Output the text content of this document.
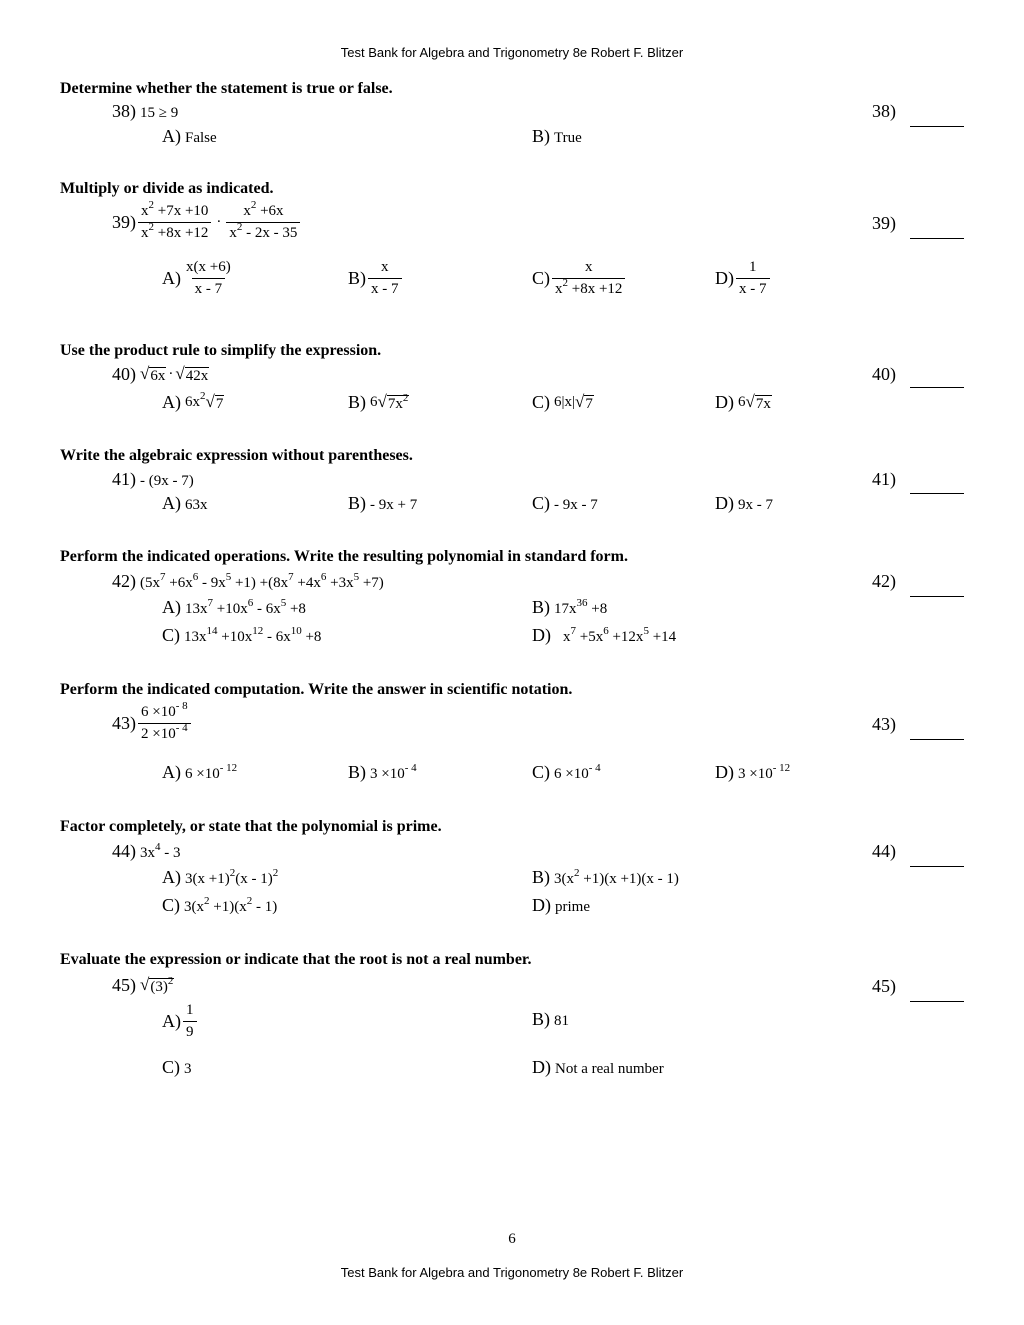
Test Bank for Algebra and Trigonometry 8e Robert F. Blitzer
Determine whether the statement is true or false.
38) 15 ≥ 9	38)
A) False	B) True
Multiply or divide as indicated.
$39) \frac{x^2 +7x +10}{x^2 +8x +12} \cdot \frac{x^2 +6x}{x^2 - 2x - 35}$	39)
$A) \frac{x(x +6)}{x - 7}$	$B) \frac{x}{x - 7}$	$C) \frac{x}{x^2 +8x +12}$	$D) \frac{1}{x - 7}$
Use the product rule to simplify the expression.
40) √ 6x · √ 42x	40)
A) $6x^2$ √ 7	B) 6 √ $7x^2$	C) 6|x| √ 7	D) 6 √ 7x
Write the algebraic expression without parentheses.
41) - (9x - 7)	41)
A) 63x	B) - 9x + 7	C) - 9x - 7	D) 9x - 7
Perform the indicated operations. Write the resulting polynomial in standard form.
42) $(5x^7 +6x^6 - 9x^5 +1) +(8x^7 +4x^6 +3x^5 +7)$	42)
A) $13x^7 +10x^6 - 6x^5 +8$	B) $17x^{36} +8$
C) $13x^{14} +10x^{12} - 6x^{10} +8$	D) $x^7 +5x^6 +12x^5 +14$
Perform the indicated computation. Write the answer in scientific notation.
$43) \frac{6 \times 10^{- 8}}{2 \times 10^{- 4}}$	43)
A) $6 \times 10^{- 12}$	B) $3 \times 10^{- 4}$	C) $6 \times 10^{- 4}$	D) $3 \times 10^{- 12}$
Factor completely, or state that the polynomial is prime.
44) $3x^4 - 3$	44)
A) $3(x +1)^2(x - 1)^2$	B) $3(x^2 +1)(x +1)(x - 1)$
C) $3(x^2 +1)(x^2 - 1)$	D) prime
Evaluate the expression or indicate that the root is not a real number.
45) √ $(3)^2$	45)
$A) \frac{1}{9}$	B) 81
C) 3	D) Not a real number
6
Test Bank for Algebra and Trigonometry 8e Robert F. Blitzer
